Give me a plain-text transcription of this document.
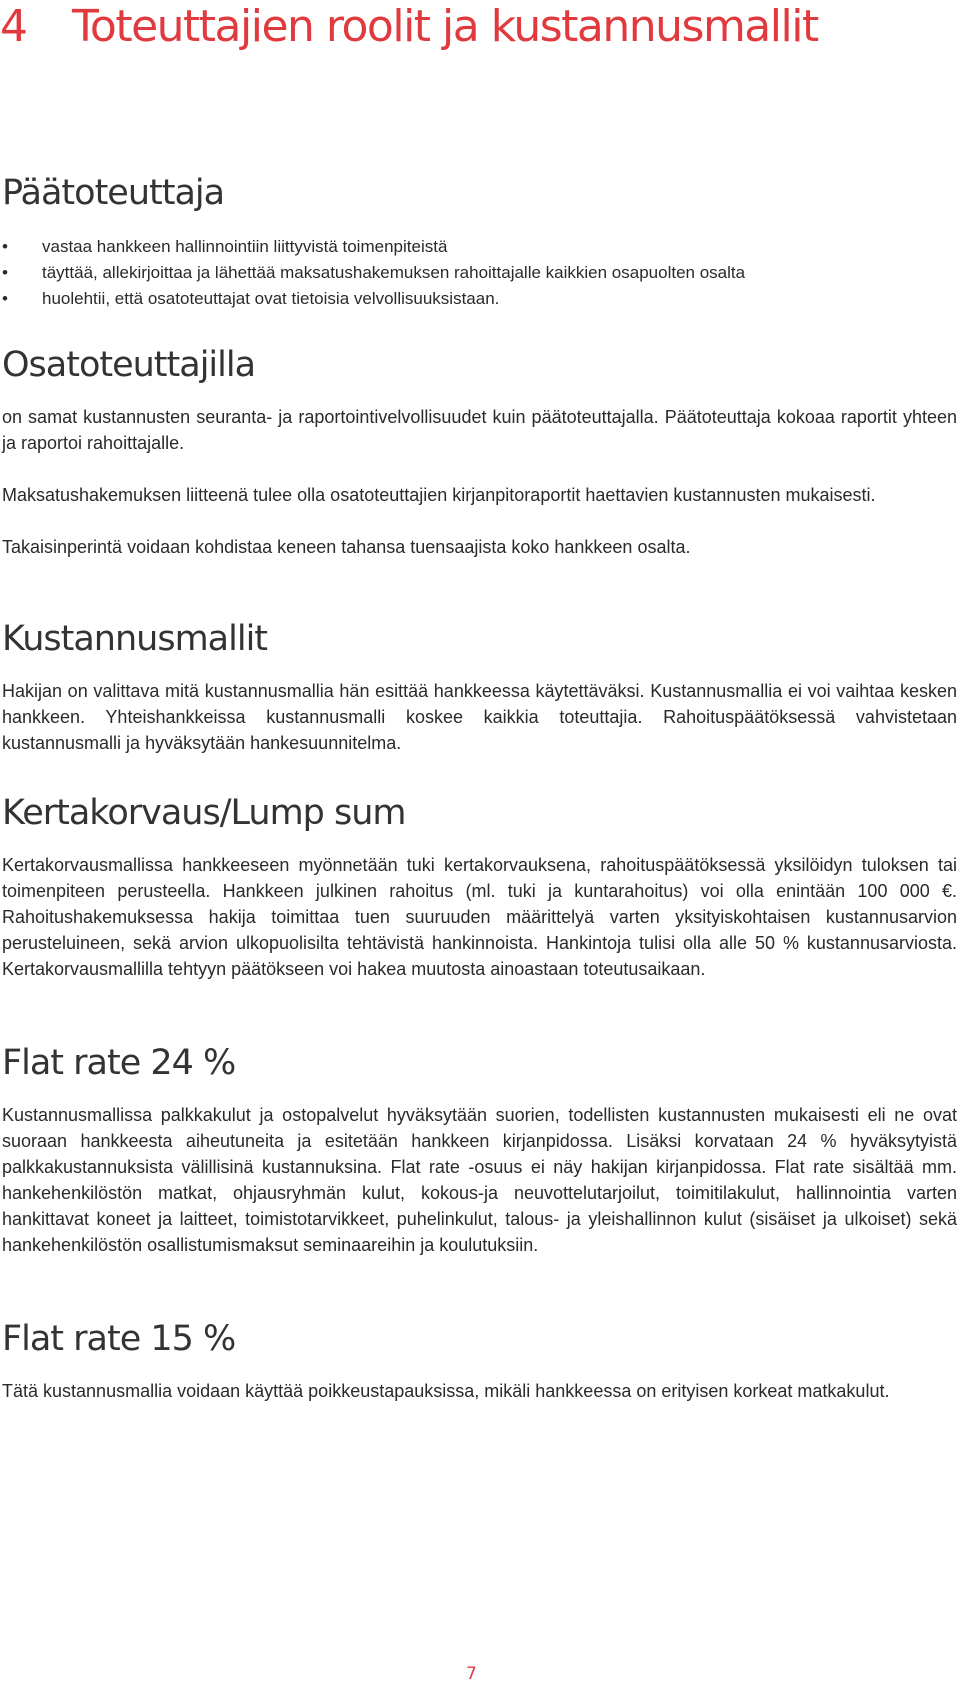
4 Toteuttajien roolit ja kustannusmallit
Päätoteuttaja
• vastaa hankkeen hallinnointiin liittyvistä toimenpiteistä
• täyttää, allekirjoittaa ja lähettää maksatushakemuksen rahoittajalle kaikkien osapuolten osalta
• huolehtii, että osatoteuttajat ovat tietoisia velvollisuuksistaan.
Osatoteuttajilla

on samat kustannusten seuranta- ja raportointivelvollisuudet kuin päätoteuttajalla. Päätoteuttaja kokoaa raportit yhteen ja raportoi rahoittajalle.

Maksatushakemuksen liitteenä tulee olla osatoteuttajien kirjanpitoraportit haettavien kustannusten mukaisesti.

Takaisinperintä voidaan kohdistaa keneen tahansa tuensaajista koko hankkeen osalta.

Kustannusmallit

Hakijan on valittava mitä kustannusmallia hän esittää hankkeessa käytettäväksi. Kustannusmallia ei voi vaihtaa kesken hankkeen. Yhteishankkeissa kustannusmalli koskee kaikkia toteuttajia. Rahoituspäätöksessä vahvistetaan kustannusmalli ja hyväksytään hankesuunnitelma.

Kertakorvaus/Lump sum

Kertakorvausmallissa hankkeeseen myönnetään tuki kertakorvauksena, rahoituspäätöksessä yksilöidyn tuloksen tai toimenpiteen perusteella. Hankkeen julkinen rahoitus (ml. tuki ja kuntarahoitus) voi olla enintään 100 000 €. Rahoitushakemuksessa hakija toimittaa tuen suuruuden määrittelyä varten yksityiskohtaisen kustannusarvion perusteluineen, sekä arvion ulkopuolisilta tehtävistä hankinnoista. Hankintoja tulisi olla alle 50 % kustannusarviosta. Kertakorvausmallilla tehtyyn päätökseen voi hakea muutosta ainoastaan toteutusaikaan.

Flat rate 24 %

Kustannusmallissa palkkakulut ja ostopalvelut hyväksytään suorien, todellisten kustannusten mukaisesti eli ne ovat suoraan hankkeesta aiheutuneita ja esitetään hankkeen kirjanpidossa. Lisäksi korvataan 24 % hyväksytyistä palkkakustannuksista välillisinä kustannuksina. Flat rate -osuus ei näy hakijan kirjanpidossa. Flat rate sisältää mm. hankehenkilöstön matkat, ohjausryhmän kulut, kokous-ja neuvottelutarjoilut, toimitilakulut, hallinnointia varten hankittavat koneet ja laitteet, toimistotarvikkeet, puhelinkulut, talous- ja yleishallinnon kulut (sisäiset ja ulkoiset) sekä hankehenkilöstön osallistumismaksut seminaareihin ja koulutuksiin.

Flat rate 15 %

Tätä kustannusmallia voidaan käyttää poikkeustapauksissa, mikäli hankkeessa on erityisen korkeat matkakulut.

7
